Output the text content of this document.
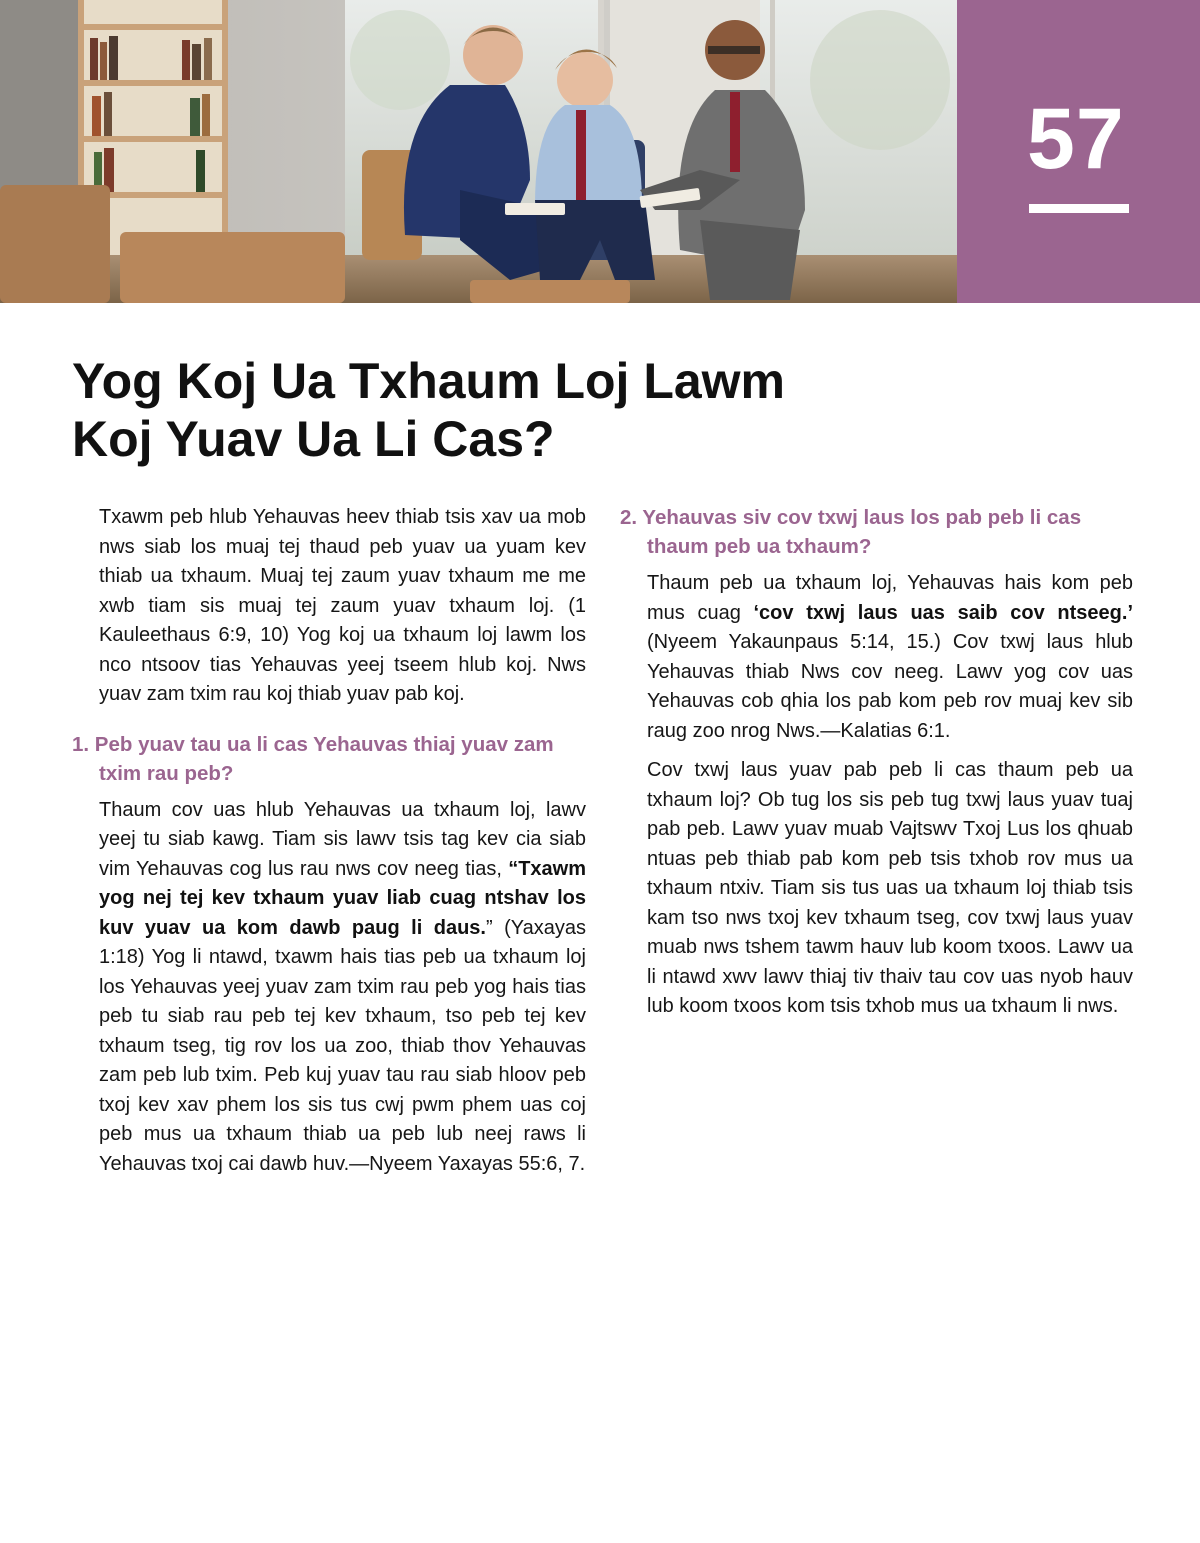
57
Yog Koj Ua Txhaum Loj Lawm
Koj Yuav Ua Li Cas?

Txawm peb hlub Yehauvas heev thiab tsis xav ua mob nws siab los muaj tej thaud peb yuav ua yuam kev thiab ua txhaum. Muaj tej zaum yuav txhaum me me xwb tiam sis muaj tej zaum yuav txhaum loj. (1 Kauleethaus 6:9, 10) Yog koj ua txhaum loj lawm los nco ntsoov tias Yehauvas yeej tseem hlub koj. Nws yuav zam txim rau koj thiab yuav pab koj.

1. Peb yuav tau ua li cas Yehauvas thiaj yuav zam txim rau peb?

Thaum cov uas hlub Yehauvas ua txhaum loj, lawv yeej tu siab kawg. Tiam sis lawv tsis tag kev cia siab vim Yehauvas cog lus rau nws cov neeg tias, “Txawm yog nej tej kev txhaum yuav liab cuag ntshav los kuv yuav ua kom dawb paug li daus.” (Yaxayas 1:18) Yog li ntawd, txawm hais tias peb ua txhaum loj los Yehauvas yeej yuav zam txim rau peb yog hais tias peb tu siab rau peb tej kev txhaum, tso peb tej kev txhaum tseg, tig rov los ua zoo, thiab thov Yehauvas zam peb lub txim. Peb kuj yuav tau rau siab hloov peb txoj kev xav phem los sis tus cwj pwm phem uas coj peb mus ua txhaum thiab ua peb lub neej raws li Yehauvas txoj cai dawb huv.—Nyeem Yaxayas 55:6, 7.

2. Yehauvas siv cov txwj laus los pab peb li cas thaum peb ua txhaum?

Thaum peb ua txhaum loj, Yehauvas hais kom peb mus cuag ‘cov txwj laus uas saib cov ntseeg.’ (Nyeem Yakaunpaus 5:14, 15.) Cov txwj laus hlub Yehauvas thiab Nws cov neeg. Lawv yog cov uas Yehauvas cob qhia los pab kom peb rov muaj kev sib raug zoo nrog Nws.—Kalatias 6:1.

Cov txwj laus yuav pab peb li cas thaum peb ua txhaum loj? Ob tug los sis peb tug txwj laus yuav tuaj pab peb. Lawv yuav muab Vajtswv Txoj Lus los qhuab ntuas peb thiab pab kom peb tsis txhob rov mus ua txhaum ntxiv. Tiam sis tus uas ua txhaum loj thiab tsis kam tso nws txoj kev txhaum tseg, cov txwj laus yuav muab nws tshem tawm hauv lub koom txoos. Lawv ua li ntawd xwv lawv thiaj tiv thaiv tau cov uas nyob hauv lub koom txoos kom tsis txhob mus ua txhaum li nws.
